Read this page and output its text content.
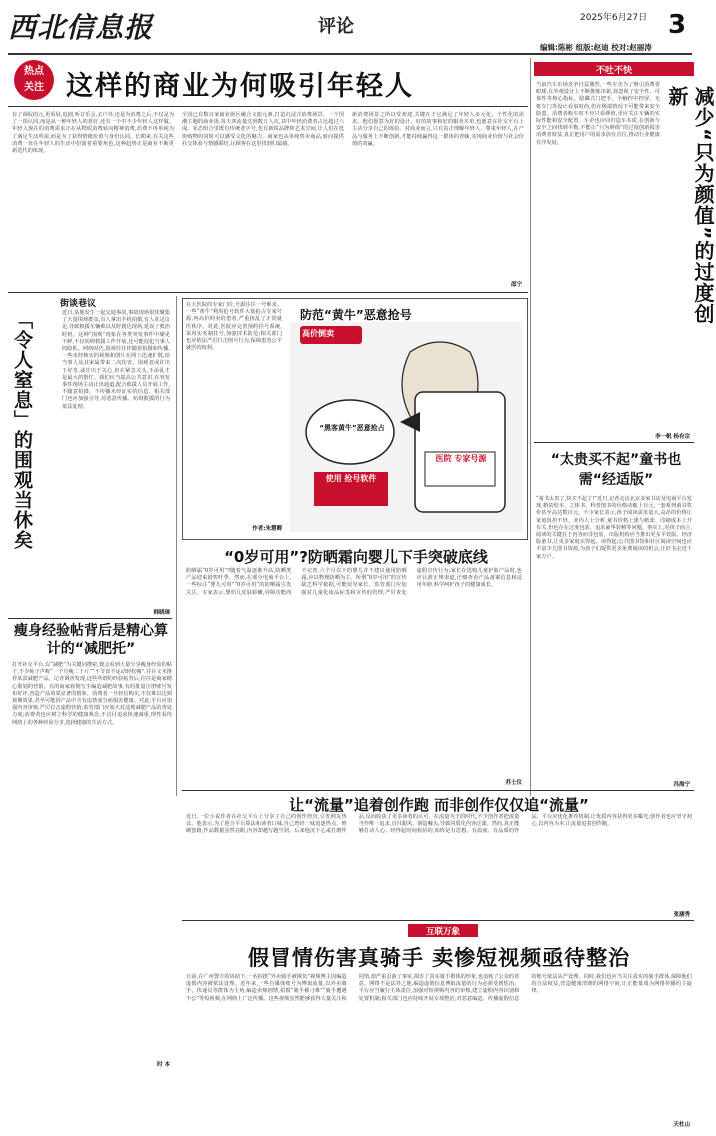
西北信息报	评论	2025年6月27日 3
编辑:陈彬 组版:赵迪 校对:赵丽涛
热点
关注 这样的商业为何吸引年轻人
有了调侃的元,更看展,追剧,听音乐会,去户外,还是为消费之后,不仅是为了一项认同,而是从一种年轻人的喜好,还有一个中不少年轻人这样做。年轻人现在的消费需求正在从物质消费转向精神消费,消费不再单纯为了满足生活所需,而是为了获得情绪价值与身份认同。长期来,有关这些消费一直在年轻人的生活中扮演着重要角色,这种趋势正是商业不断更新迭代的体现。
全国已有数百家商业街区融合文旅元素,打造沉浸式消费场景。一个国潮主题的商业街,每天客流量达到数万人次,其中年轻消费者占比超过六成。业态组合里既有传统老字号,也有新锐品牌和艺术空间,让人们在逛街购物的同时可以感受文化的魅力。商家也从单纯售卖商品,转向提供社交体验与情感联结,让顾客在这里找到归属感。
新消费场景之所以受欢迎,关键在于它满足了年轻人多元化、个性化的需求。他们愿意为好的设计、好的故事和好的服务买单,也愿意在社交平台上主动分享自己的体验。对商业而言,只有真正理解年轻人、尊重年轻人,在产品与服务上不断创新,才能持续赢得这一群体的青睐,实现商业价值与社会价值的双赢。
邵宁
不吐不快
减少“只为颜值”的过度创新
当前汽车市场竞争日益激烈,一些车企为了吸引消费者眼球,在外观设计上不断推陈出新,却忽视了安全性、可靠性等核心指标。隐藏式门把手、全触控中控屏、无框车门等设计看似时尚,但在极端情况下可能带来安全隐患。消费者购车时不应只看颜值,更应关注车辆的实际性能和安全配置。车企也应回归造车本质,在创新与安全之间找到平衡,不能让“只为颜值”的过度创新损害消费者权益,真正把用户的需求放在首位,推动行业健康有序发展。
李一帆 杨有宗
街谈巷议
「令人窒息」的围观当休矣	近日,某地发生一起交通事故,事故现场很快聚集了大量围观群众,有人拿出手机拍摄,有人驻足议论,导致救援车辆难以及时到达现场,延误了救治时机。这种“围观”现象在各类突发事件中屡见不鲜,不仅妨碍救援工作开展,还可能侵犯当事人的隐私。网络时代,围观往往伴随着拍摄和传播,一些未经核实的视频和图片在网上迅速扩散,给当事人及其家属带来二次伤害。围观者或许出于好奇,或许出于关心,但在紧急关头,不添乱才是最大的帮忙。我们应当提高公共意识,在突发事件现场主动让出通道,配合救援人员开展工作,不随意拍摄、不传播未经证实的信息。相关部门也应加强引导,对恶意传播、妨碍救援的行为依法处理。
韩晓璋
瘦身经验帖背后是精心算计的“减肥托”
打开社交平台,以“减肥”为关键词搜索,便会看到大量分享瘦身经验的帖子,不少帖子声称“一个月瘦二十斤”“不节食不运动轻松瘦”,并在文末推荐某款减肥产品。记者调查发现,这些所谓的经验帖背后,往往是商家精心策划的营销。有的商家雇佣写手编造减肥故事,有的批量注册账号发布好评,营造产品效果显著的假象。消费者一旦轻信购买,不仅难以达到预期效果,甚至可能因产品中含有违禁成分而损害健康。对此,平台应加强内容审核,严厉打击虚假营销;监管部门应加大对违规减肥产品的查处力度;消费者也应树立科学的健康观念,不盲目追求快速减重,理性看待网络上的各种经验分享,选择健康的生活方式。
时 本
在大医院的专家门诊,号源往往一号难求。一些“黄牛”利用抢号软件大量抢占专家号源,再高价倒卖给患者,严重扰乱了正常就医秩序。对此,医院应完善预约挂号系统,采用实名制挂号,加强技术防范;相关部门也应依法严厉打击倒号行为,保障患者公平就医的权利。
作者:朱慧卿
防范“黄牛”恶意抢号
高价倒卖
“黑客黄牛”恶意抢占
使用 抢号软件
医院 专家号源
“0岁可用”?防晒霜向婴儿下手突破底线
防晒霜“0岁可用”?随着气温逐渐升高,防晒类产品迎来销售旺季。然而,在部分电商平台上,一些标注“婴儿可用”“0岁可用”的防晒霜引发关注。专家表示,婴幼儿皮肤娇嫩,屏障功能尚不完善,六个月以下的婴儿并不建议使用防晒霜,应以物理防晒为主。所谓“0岁可用”的宣传缺乏科学依据,可能误导家长。监管部门应加强对儿童化妆品标签和宣传的管理,严厉查处虚假宣传行为;家长在选购儿童护肤产品时,也应认准正规渠道,仔细查看产品备案信息和适用年龄,科学呵护孩子的健康成长。
苏士仪
“太贵买不起”童书也需“经适版”
“童书太贵了,快买不起了!”近日,记者走访北京多家书店及电商平台发现,精装绘本、立体书、科普图书的价格动辄上百元,一套系列童书售价甚至高达数百元。不少家长表示,孩子阅读需求量大,高昂的价格让家庭负担不轻。业内人士分析,童书价格上涨与纸张、印刷成本上升有关,但也存在过度包装、追求豪华装帧等问题。事实上,对孩子而言,阅读的关键在于内容而非包装。出版机构应当推出更多平装版、经济版童书,让更多家庭买得起、读得起;公共图书馆和社区阅读空间也应丰富少儿图书资源,为孩子们提供更多免费阅读的机会,让好书走进千家万户。
冯海宁
让“流量”追着创作跑 而非创作仅仅追“流量”
近日,一位小说作者在社交平台上分享了自己的创作经历,引发网友热议。他表示,为了迎合平台算法和读者口味,自己曾经一味追逐热点、堆砌套路,作品数据虽然亮眼,内容却越写越空洞。后来他沉下心来打磨作品,反而收获了更多读者的认可。在流量为王的时代,不少创作者把流量当作唯一追求,盲目跟风、制造噱头,导致同质化内容泛滥。然而,真正能够打动人心、经得起时间检验的,始终是有思想、有温度、有品质的作品。平台应优化推荐机制,让优质内容获得更多曝光;创作者也应坚守初心,以内容为本,让流量追着创作跑。
张涵秀
互联万象
假冒情伤害真骑手 卖惨短视频亟待整治
日前,在广州警方的协助下,一名拍摄“外卖骑手被欺负”视频博主因编造虚假内容被依法处理。近年来,一些自媒体账号为博取流量,以外卖骑手、快递员等群体为主角,编造卖惨剧情,拍摄“骑手被刁难”“骑手遭遇不公”等短视频,在网络上广泛传播。这些视频虽然能够获得大量关注和同情,却严重歪曲了事实,损害了真实骑手群体的形象,也消耗了公众的善意。网络不是法外之地,编造虚假信息博取流量的行为必须受到惩治。平台应当履行主体责任,加强对短视频内容的审核,建立虚假内容识别和处置机制;相关部门也应持续开展专项整治,对恶意编造、传播虚假信息的账号依法从严处理。同时,我们也应当关注真实的骑手群体,保障他们的合法权益,营造健康清朗的网络空间,让正能量成为网络传播的主旋律。
天杜山
